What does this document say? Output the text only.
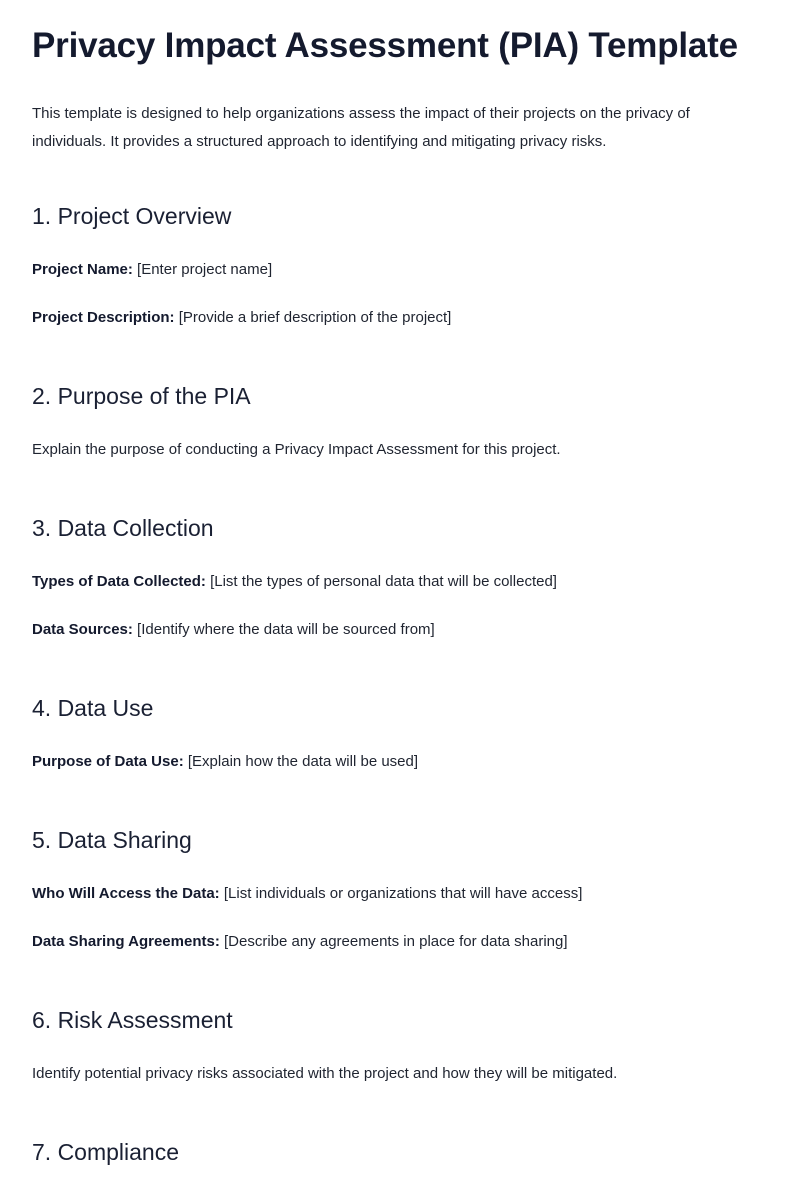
Privacy Impact Assessment (PIA) Template

This template is designed to help organizations assess the impact of their projects on the privacy of individuals. It provides a structured approach to identifying and mitigating privacy risks.

1. Project Overview

Project Name: [Enter project name]

Project Description: [Provide a brief description of the project]

2. Purpose of the PIA

Explain the purpose of conducting a Privacy Impact Assessment for this project.

3. Data Collection

Types of Data Collected: [List the types of personal data that will be collected]

Data Sources: [Identify where the data will be sourced from]

4. Data Use

Purpose of Data Use: [Explain how the data will be used]

5. Data Sharing

Who Will Access the Data: [List individuals or organizations that will have access]

Data Sharing Agreements: [Describe any agreements in place for data sharing]

6. Risk Assessment

Identify potential privacy risks associated with the project and how they will be mitigated.

7. Compliance
